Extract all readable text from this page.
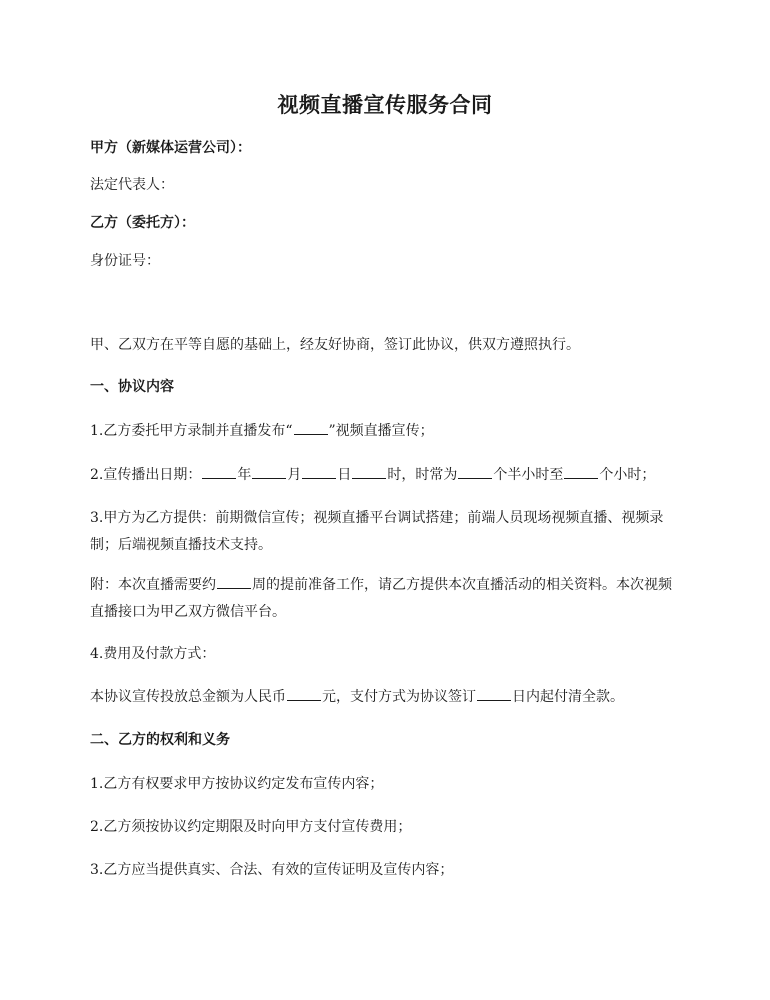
视频直播宣传服务合同
甲方（新媒体运营公司）：
法定代表人：
乙方（委托方）：
身份证号：
甲、乙双方在平等自愿的基础上，经友好协商，签订此协议，供双方遵照执行。
一、协议内容
1.乙方委托甲方录制并直播发布“	”视频直播宣传；
2.宣传播出日期：	年	月	日	时，时常为	个半小时至	个小时；
3.甲方为乙方提供：前期微信宣传；视频直播平台调试搭建；前端人员现场视频直播、视频录制；后端视频直播技术支持。
附：本次直播需要约	周的提前准备工作，请乙方提供本次直播活动的相关资料。本次视频直播接口为甲乙双方微信平台。
4.费用及付款方式：
本协议宣传投放总金额为人民币	元，支付方式为协议签订	日内起付清全款。
二、乙方的权利和义务
1.乙方有权要求甲方按协议约定发布宣传内容；
2.乙方须按协议约定期限及时向甲方支付宣传费用；
3.乙方应当提供真实、合法、有效的宣传证明及宣传内容；
